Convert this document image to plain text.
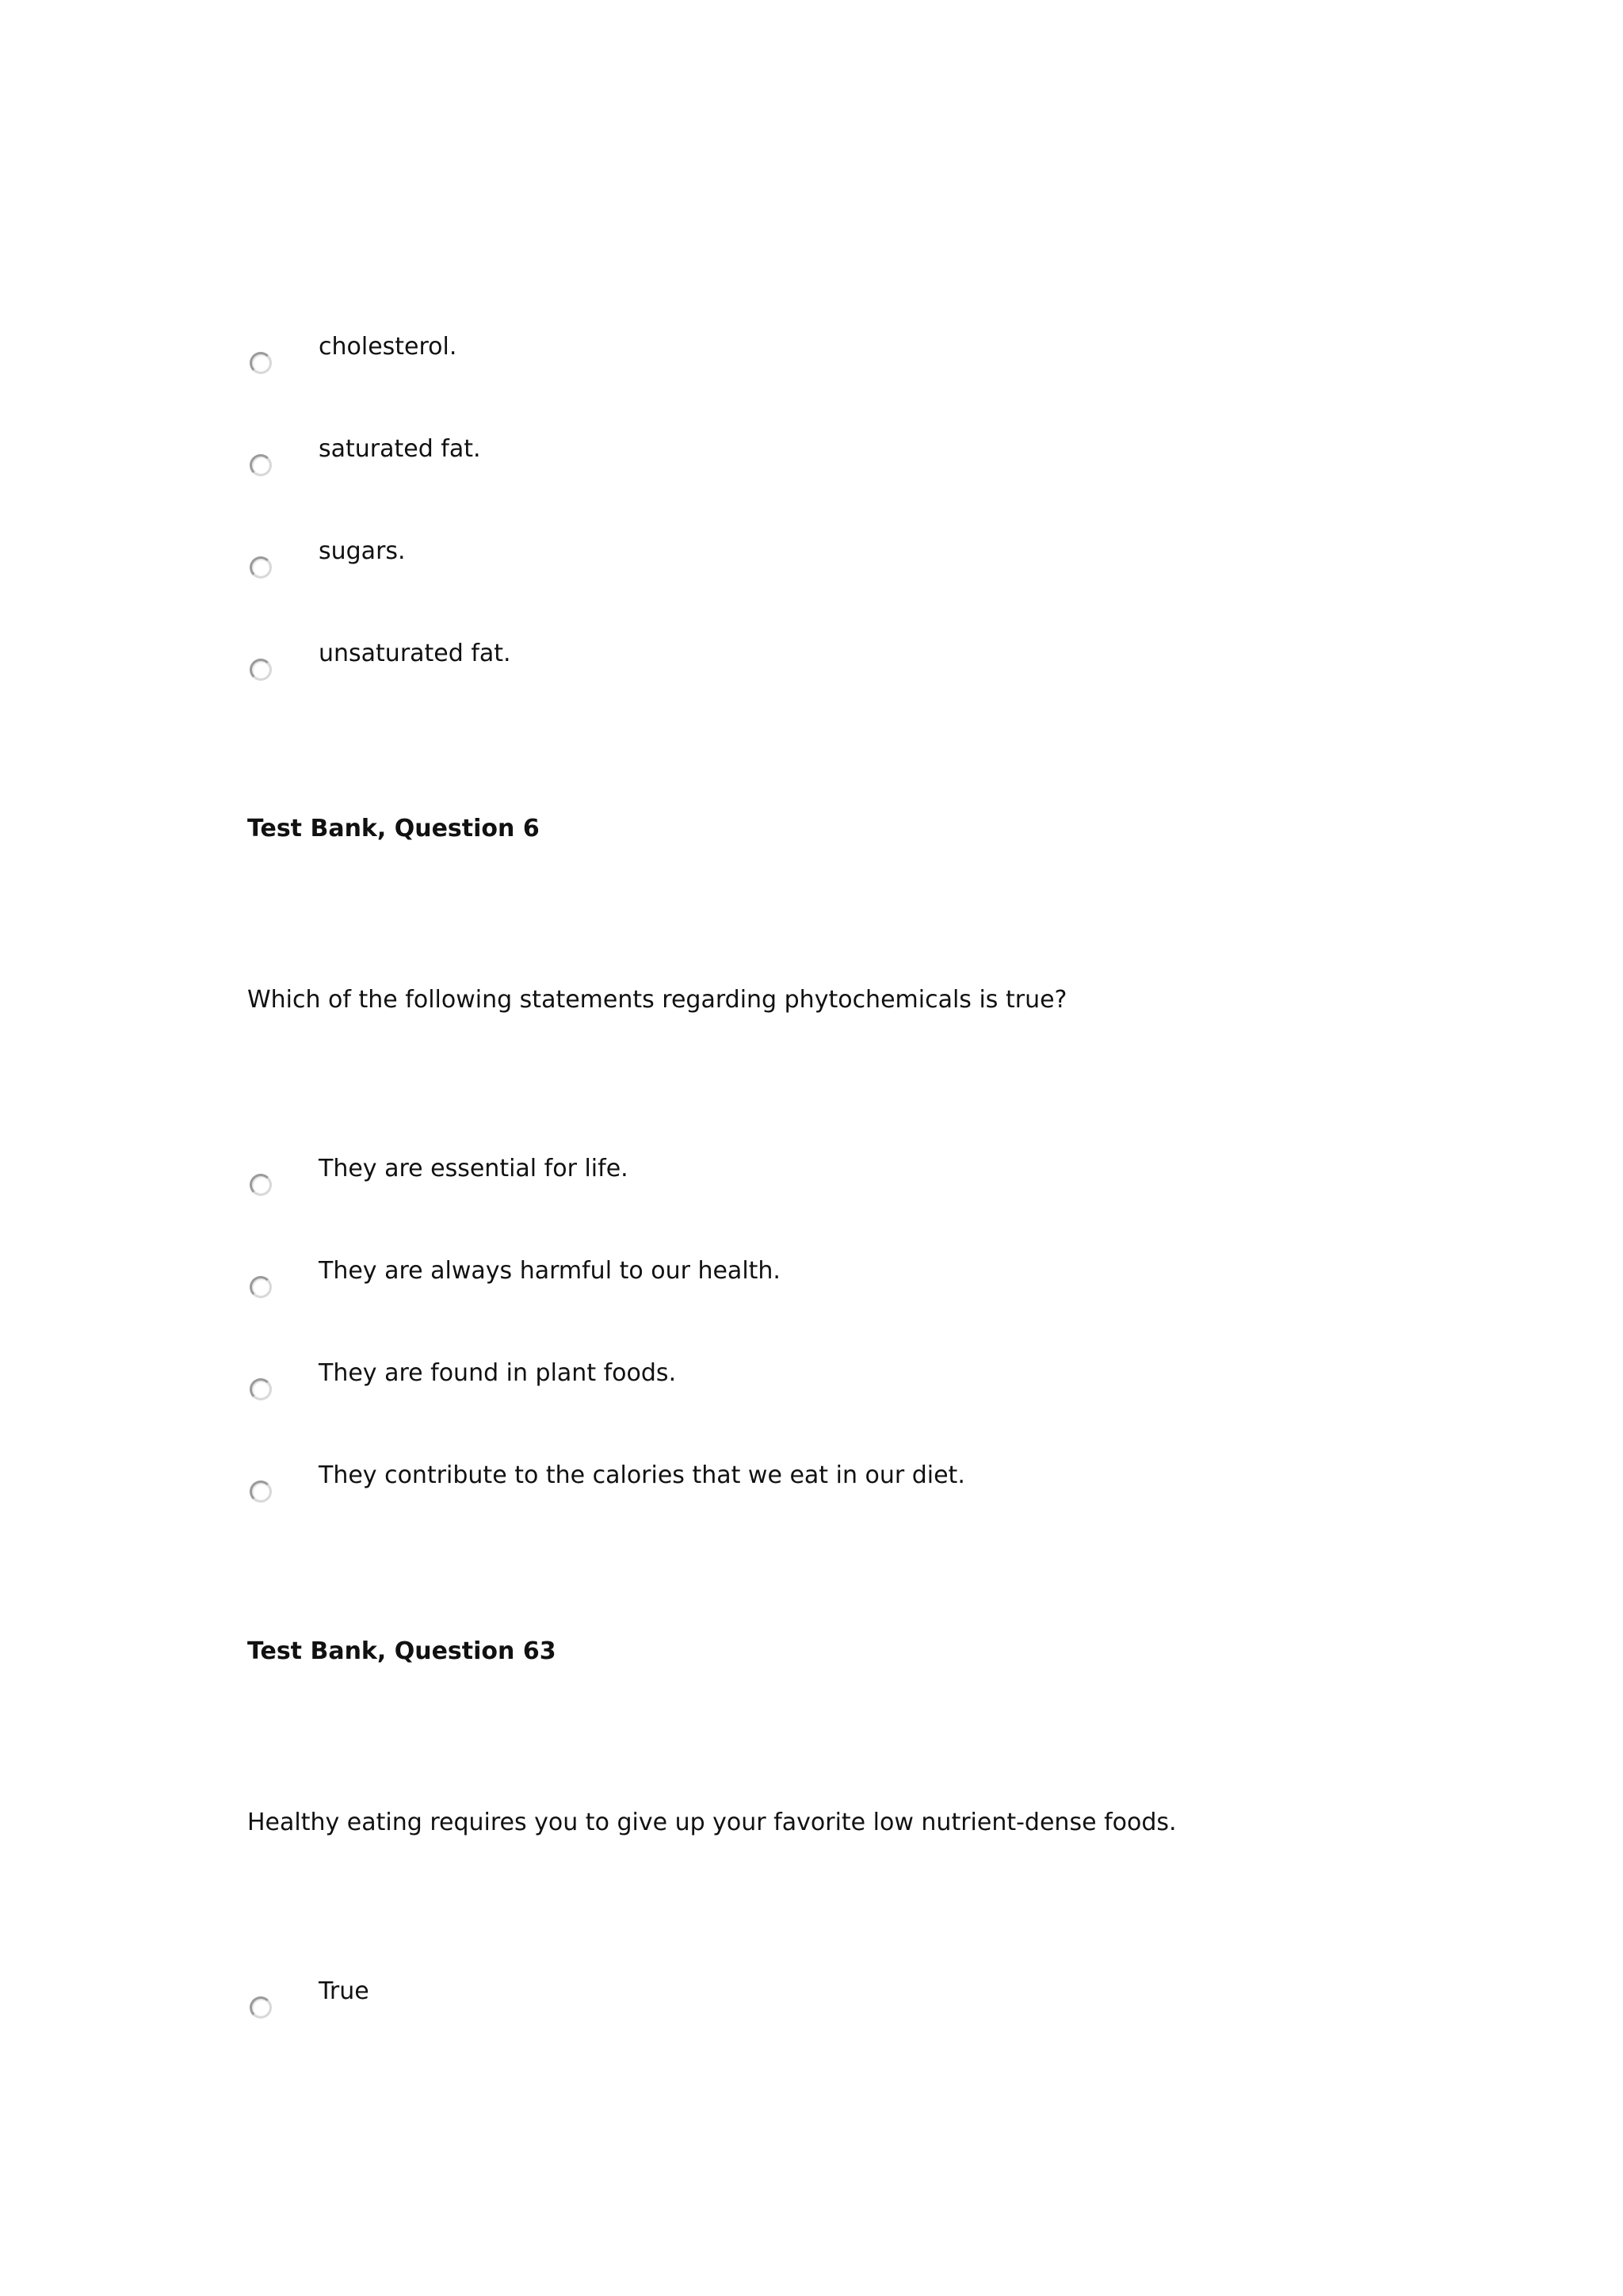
cholesterol.
saturated fat.
sugars.
unsaturated fat.
Test Bank, Question 6
Which of the following statements regarding phytochemicals is true?
They are essential for life.
They are always harmful to our health.
They are found in plant foods.
They contribute to the calories that we eat in our diet.
Test Bank, Question 63
Healthy eating requires you to give up your favorite low nutrient-dense foods.
True
